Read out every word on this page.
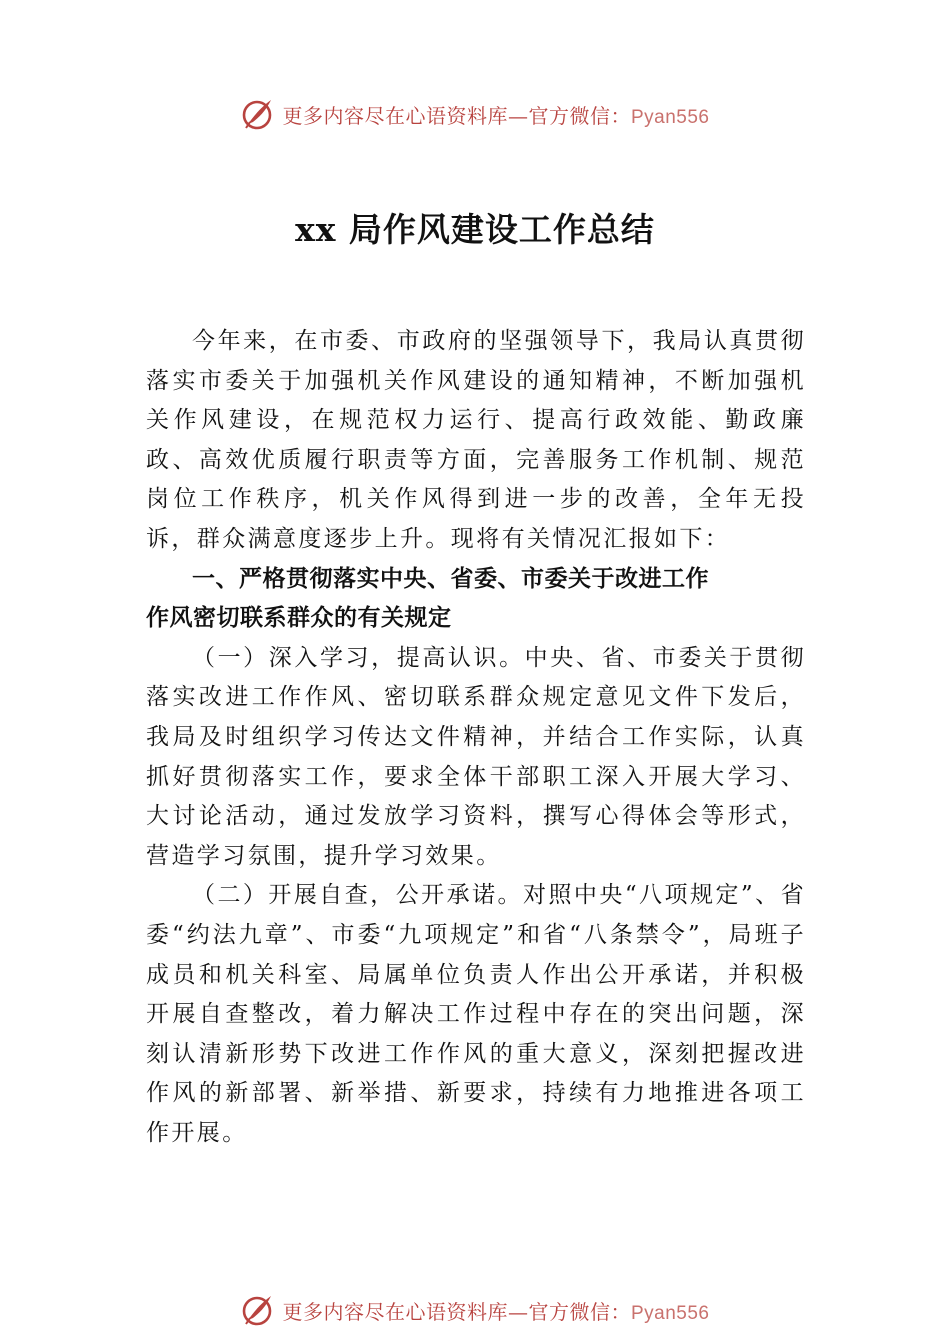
更多内容尽在心语资料库—官方微信：Pyan556
xx 局作风建设工作总结

今年来，在市委、市政府的坚强领导下，我局认真贯彻落实市委关于加强机关作风建设的通知精神，不断加强机关作风建设，在规范权力运行、提高行政效能、勤政廉政、高效优质履行职责等方面，完善服务工作机制、规范岗位工作秩序，机关作风得到进一步的改善，全年无投诉，群众满意度逐步上升。现将有关情况汇报如下：

一、严格贯彻落实中央、省委、市委关于改进工作
作风密切联系群众的有关规定

（一）深入学习，提高认识。中央、省、市委关于贯彻落实改进工作作风、密切联系群众规定意见文件下发后，我局及时组织学习传达文件精神，并结合工作实际，认真抓好贯彻落实工作，要求全体干部职工深入开展大学习、大讨论活动，通过发放学习资料，撰写心得体会等形式，营造学习氛围，提升学习效果。

（二）开展自查，公开承诺。对照中央“八项规定”、省委“约法九章”、市委“九项规定”和省“八条禁令”，局班子成员和机关科室、局属单位负责人作出公开承诺，并积极开展自查整改，着力解决工作过程中存在的突出问题，深刻认清新形势下改进工作作风的重大意义，深刻把握改进作风的新部署、新举措、新要求，持续有力地推进各项工作开展。

更多内容尽在心语资料库—官方微信：Pyan556
